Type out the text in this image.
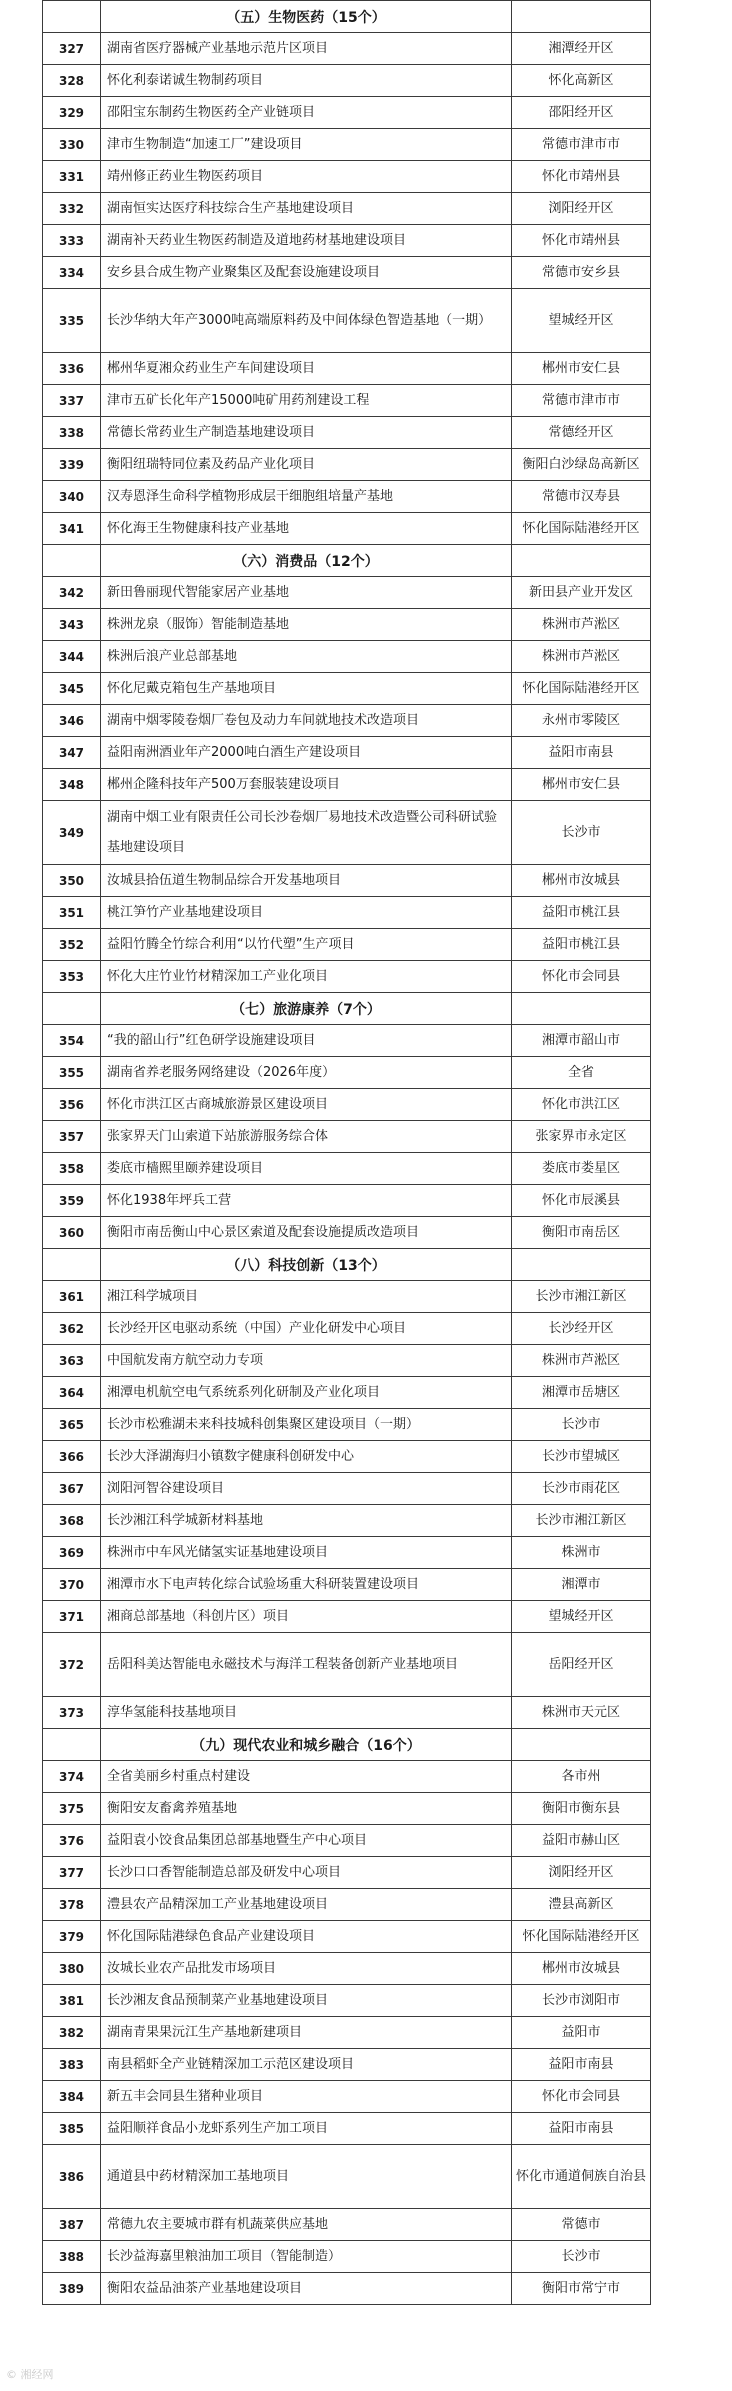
	（五）生物医药（15个）	
327	湖南省医疗器械产业基地示范片区项目	湘潭经开区
328	怀化利泰诺诚生物制药项目	怀化高新区
329	邵阳宝东制药生物医药全产业链项目	邵阳经开区
330	津市生物制造“加速工厂”建设项目	常德市津市市
331	靖州修正药业生物医药项目	怀化市靖州县
332	湖南恒实达医疗科技综合生产基地建设项目	浏阳经开区
333	湖南补天药业生物医药制造及道地药材基地建设项目	怀化市靖州县
334	安乡县合成生物产业聚集区及配套设施建设项目	常德市安乡县
335	长沙华纳大年产3000吨高端原料药及中间体绿色智造基地（一期）	望城经开区
336	郴州华夏湘众药业生产车间建设项目	郴州市安仁县
337	津市五矿长化年产15000吨矿用药剂建设工程	常德市津市市
338	常德长常药业生产制造基地建设项目	常德经开区
339	衡阳纽瑞特同位素及药品产业化项目	衡阳白沙绿岛高新区
340	汉寿恩泽生命科学植物形成层干细胞组培量产基地	常德市汉寿县
341	怀化海王生物健康科技产业基地	怀化国际陆港经开区
	（六）消费品（12个）	
342	新田鲁丽现代智能家居产业基地	新田县产业开发区
343	株洲龙泉（服饰）智能制造基地	株洲市芦淞区
344	株洲后浪产业总部基地	株洲市芦淞区
345	怀化尼戴克箱包生产基地项目	怀化国际陆港经开区
346	湖南中烟零陵卷烟厂卷包及动力车间就地技术改造项目	永州市零陵区
347	益阳南洲酒业年产2000吨白酒生产建设项目	益阳市南县
348	郴州企隆科技年产500万套服装建设项目	郴州市安仁县
349	湖南中烟工业有限责任公司长沙卷烟厂易地技术改造暨公司科研试验基地建设项目	长沙市
350	汝城县拾伍道生物制品综合开发基地项目	郴州市汝城县
351	桃江笋竹产业基地建设项目	益阳市桃江县
352	益阳竹腾全竹综合利用“以竹代塑”生产项目	益阳市桃江县
353	怀化大庄竹业竹材精深加工产业化项目	怀化市会同县
	（七）旅游康养（7个）	
354	“我的韶山行”红色研学设施建设项目	湘潭市韶山市
355	湖南省养老服务网络建设（2026年度）	全省
356	怀化市洪江区古商城旅游景区建设项目	怀化市洪江区
357	张家界天门山索道下站旅游服务综合体	张家界市永定区
358	娄底市樯熙里颐养建设项目	娄底市娄星区
359	怀化1938年坪兵工营	怀化市辰溪县
360	衡阳市南岳衡山中心景区索道及配套设施提质改造项目	衡阳市南岳区
	（八）科技创新（13个）	
361	湘江科学城项目	长沙市湘江新区
362	长沙经开区电驱动系统（中国）产业化研发中心项目	长沙经开区
363	中国航发南方航空动力专项	株洲市芦淞区
364	湘潭电机航空电气系统系列化研制及产业化项目	湘潭市岳塘区
365	长沙市松雅湖未来科技城科创集聚区建设项目（一期）	长沙市
366	长沙大泽湖海归小镇数字健康科创研发中心	长沙市望城区
367	浏阳河智谷建设项目	长沙市雨花区
368	长沙湘江科学城新材料基地	长沙市湘江新区
369	株洲市中车风光储氢实证基地建设项目	株洲市
370	湘潭市水下电声转化综合试验场重大科研装置建设项目	湘潭市
371	湘商总部基地（科创片区）项目	望城经开区
372	岳阳科美达智能电永磁技术与海洋工程装备创新产业基地项目	岳阳经开区
373	淳华氢能科技基地项目	株洲市天元区
	（九）现代农业和城乡融合（16个）	
374	全省美丽乡村重点村建设	各市州
375	衡阳安友畜禽养殖基地	衡阳市衡东县
376	益阳袁小饺食品集团总部基地暨生产中心项目	益阳市赫山区
377	长沙口口香智能制造总部及研发中心项目	浏阳经开区
378	澧县农产品精深加工产业基地建设项目	澧县高新区
379	怀化国际陆港绿色食品产业建设项目	怀化国际陆港经开区
380	汝城长业农产品批发市场项目	郴州市汝城县
381	长沙湘友食品预制菜产业基地建设项目	长沙市浏阳市
382	湖南青果果沅江生产基地新建项目	益阳市
383	南县稻虾全产业链精深加工示范区建设项目	益阳市南县
384	新五丰会同县生猪种业项目	怀化市会同县
385	益阳顺祥食品小龙虾系列生产加工项目	益阳市南县
386	通道县中药材精深加工基地项目	怀化市通道侗族自治县
387	常德九农主要城市群有机蔬菜供应基地	常德市
388	长沙益海嘉里粮油加工项目（智能制造）	长沙市
389	衡阳农益品油茶产业基地建设项目	衡阳市常宁市
© 湘经网
